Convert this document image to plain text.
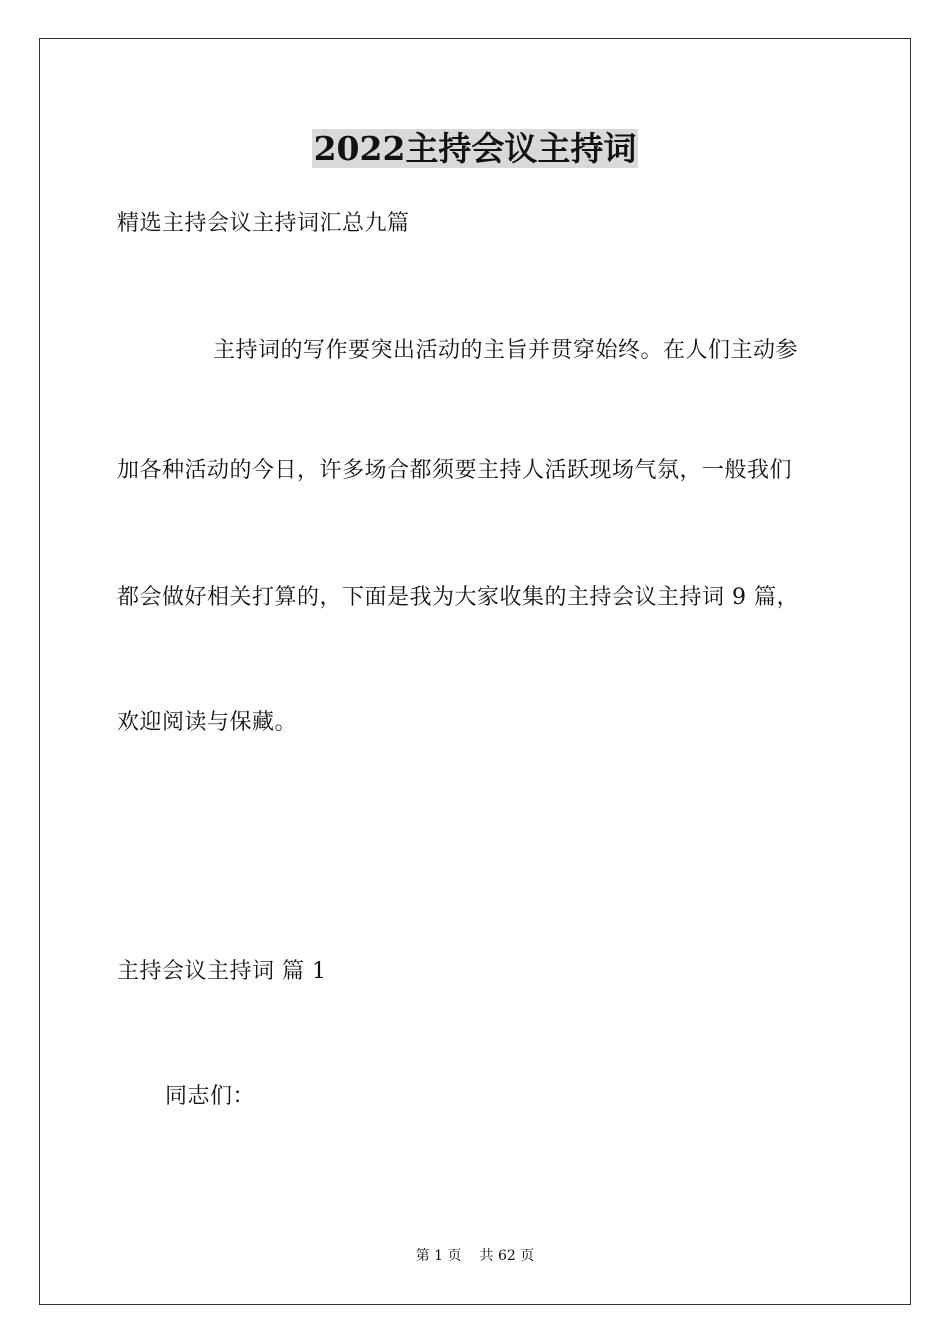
2022主持会议主持词
精选主持会议主持词汇总九篇
主持词的写作要突出活动的主旨并贯穿始终。在人们主动参
加各种活动的今日，许多场合都须要主持人活跃现场气氛，一般我们
都会做好相关打算的，下面是我为大家收集的主持会议主持词 9 篇，
欢迎阅读与保藏。
主持会议主持词 篇 1
同志们：
第 1 页 共 62 页
